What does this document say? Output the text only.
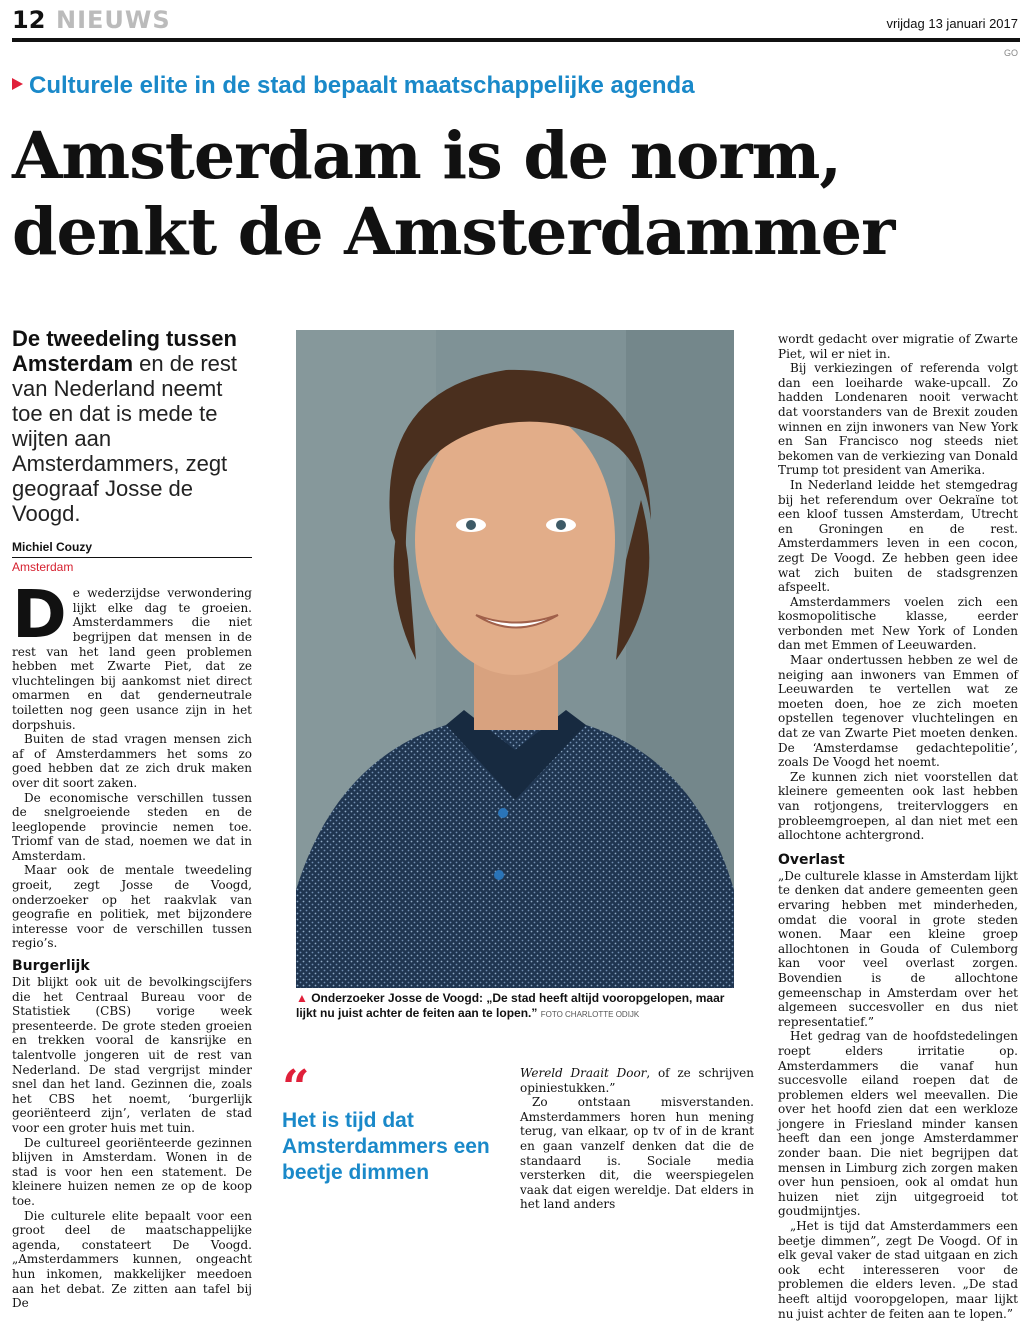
12 NIEUWS	vrijdag 13 januari 2017
GO
Culturele elite in de stad bepaalt maatschappelijke agenda
Amsterdam is de norm,
denkt de Amsterdammer
De tweedeling tussen Amsterdam en de rest van Nederland neemt toe en dat is mede te wijten aan Amsterdammers, zegt geograaf Josse de Voogd.
Michiel Couzy
Amsterdam

De wederzijdse verwondering lijkt elke dag te groeien. Amsterdammers die niet begrijpen dat mensen in de rest van het land geen problemen hebben met Zwarte Piet, dat ze vluchtelingen bij aankomst niet direct omarmen en dat genderneutrale toiletten nog geen usance zijn in het dorpshuis.

Buiten de stad vragen mensen zich af of Amsterdammers het soms zo goed hebben dat ze zich druk maken over dit soort zaken.

De economische verschillen tussen de snelgroeiende steden en de leeglopende provincie nemen toe. Triomf van de stad, noemen we dat in Amsterdam.

Maar ook de mentale tweedeling groeit, zegt Josse de Voogd, onderzoeker op het raakvlak van geografie en politiek, met bijzondere interesse voor de verschillen tussen regio’s.

Burgerlijk

Dit blijkt ook uit de bevolkingscijfers die het Centraal Bureau voor de Statistiek (CBS) vorige week presenteerde. De grote steden groeien en trekken vooral de kansrijke en talentvolle jongeren uit de rest van Nederland. De stad vergrijst minder snel dan het land. Gezinnen die, zoals het CBS het noemt, ‘burgerlijk georiënteerd zijn’, verlaten de stad voor een groter huis met tuin.

De cultureel georiënteerde gezinnen blijven in Amsterdam. Wonen in de stad is voor hen een statement. De kleinere huizen nemen ze op de koop toe.

Die culturele elite bepaalt voor een groot deel de maatschappelijke agenda, constateert De Voogd. „Amsterdammers kunnen, ongeacht hun inkomen, makkelijker meedoen aan het debat. Ze zitten aan tafel bij De

▲ Onderzoeker Josse de Voogd: „De stad heeft altijd vooropgelopen, maar lijkt nu juist achter de feiten aan te lopen.” FOTO CHARLOTTE ODIJK
“
Het is tijd dat Amsterdammers een beetje dimmen

Wereld Draait Door, of ze schrijven opiniestukken.”

Zo ontstaan misverstanden. Amsterdammers horen hun mening terug, van elkaar, op tv of in de krant en gaan vanzelf denken dat die de standaard is. Sociale media versterken dit, die weerspiegelen vaak dat eigen wereldje. Dat elders in het land anders

wordt gedacht over migratie of Zwarte Piet, wil er niet in.

Bij verkiezingen of referenda volgt dan een loeiharde wake-upcall. Zo hadden Londenaren nooit verwacht dat voorstanders van de Brexit zouden winnen en zijn inwoners van New York en San Francisco nog steeds niet bekomen van de verkiezing van Donald Trump tot president van Amerika.

In Nederland leidde het stemgedrag bij het referendum over Oekraïne tot een kloof tussen Amsterdam, Utrecht en Groningen en de rest. Amsterdammers leven in een cocon, zegt De Voogd. Ze hebben geen idee wat zich buiten de stadsgrenzen afspeelt.

Amsterdammers voelen zich een kosmopolitische klasse, eerder verbonden met New York of Londen dan met Emmen of Leeuwarden.

Maar ondertussen hebben ze wel de neiging aan inwoners van Emmen of Leeuwarden te vertellen wat ze moeten doen, hoe ze zich moeten opstellen tegenover vluchtelingen en dat ze van Zwarte Piet moeten denken. De ‘Amsterdamse gedachtepolitie’, zoals De Voogd het noemt.

Ze kunnen zich niet voorstellen dat kleinere gemeenten ook last hebben van rotjongens, treitervloggers en probleemgroepen, al dan niet met een allochtone achtergrond.

Overlast

„De culturele klasse in Amsterdam lijkt te denken dat andere gemeenten geen ervaring hebben met minderheden, omdat die vooral in grote steden wonen. Maar een kleine groep allochtonen in Gouda of Culemborg kan voor veel overlast zorgen. Bovendien is de allochtone gemeenschap in Amsterdam over het algemeen succesvoller en dus niet representatief.”

Het gedrag van de hoofdstedelingen roept elders irritatie op. Amsterdammers die vanaf hun succesvolle eiland roepen dat de problemen elders wel meevallen. Die over het hoofd zien dat een werkloze jongere in Friesland minder kansen heeft dan een jonge Amsterdammer zonder baan. Die niet begrijpen dat mensen in Limburg zich zorgen maken over hun pensioen, ook al omdat hun huizen niet zijn uitgegroeid tot goudmijntjes.

„Het is tijd dat Amsterdammers een beetje dimmen”, zegt De Voogd. Of in elk geval vaker de stad uitgaan en zich ook echt interesseren voor de problemen die elders leven. „De stad heeft altijd vooropgelopen, maar lijkt nu juist achter de feiten aan te lopen.”
